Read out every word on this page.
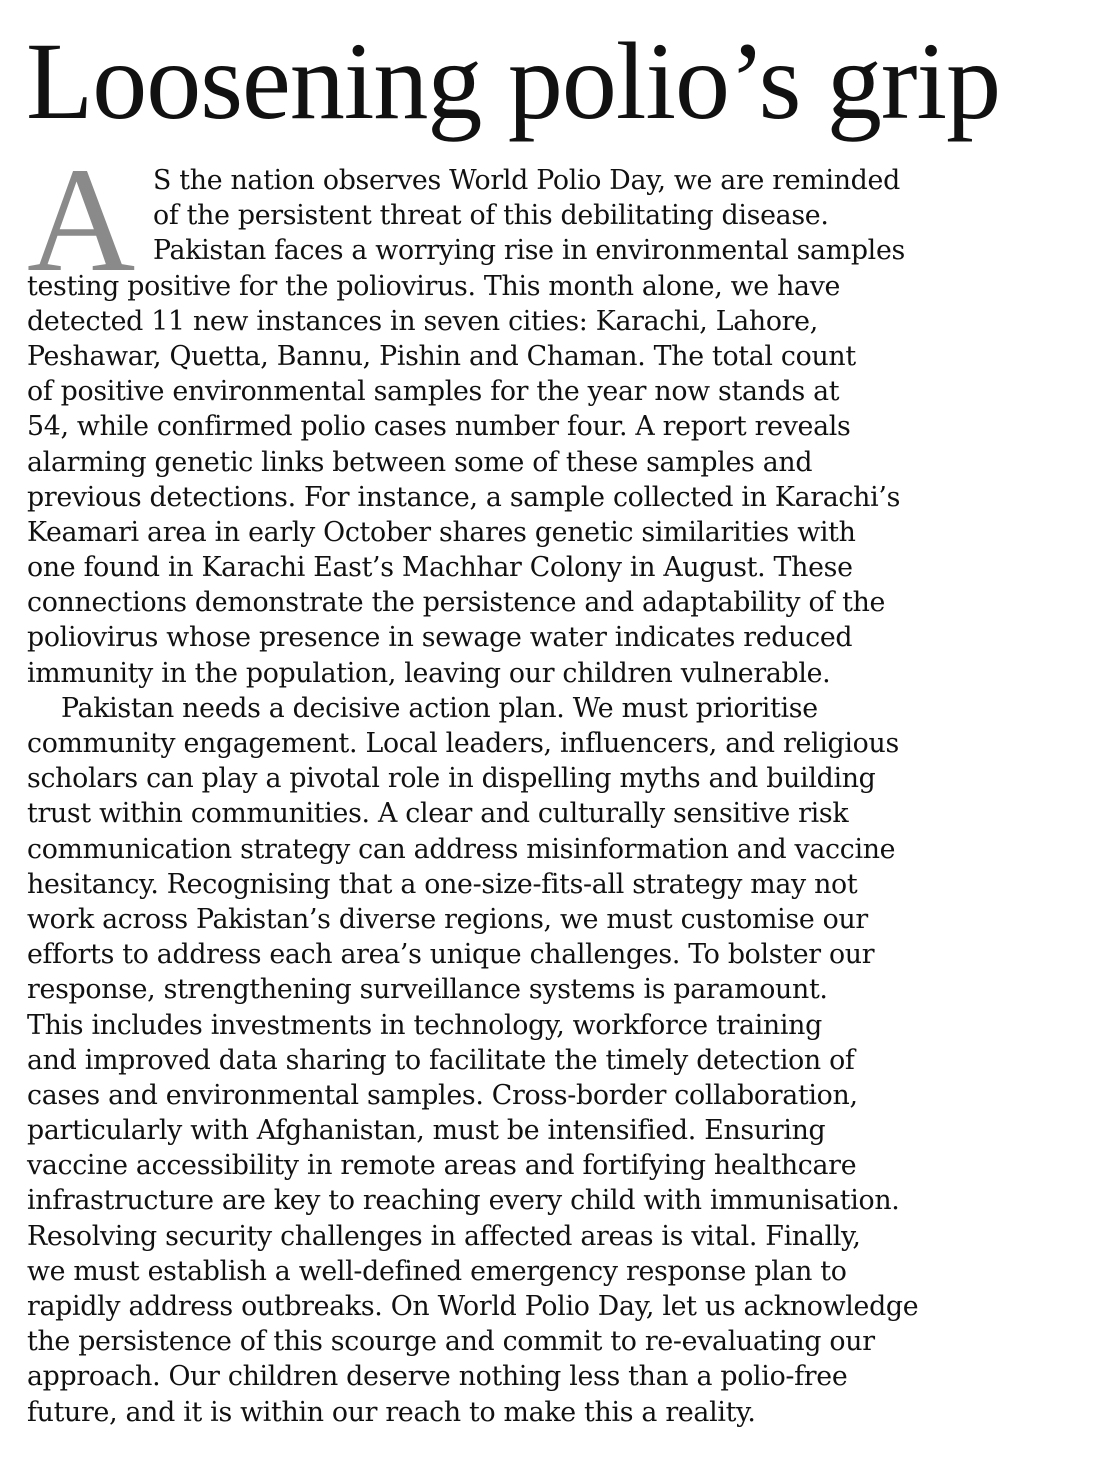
Loosening polio’s grip
A S the nation observes World Polio Day, we are reminded
of the persistent threat of this debilitating disease.
Pakistan faces a worrying rise in environmental samples
testing positive for the poliovirus. This month alone, we have
detected 11 new instances in seven cities: Karachi, Lahore,
Peshawar, Quetta, Bannu, Pishin and Chaman. The total count
of positive environmental samples for the year now stands at
54, while confirmed polio cases number four. A report reveals
alarming genetic links between some of these samples and
previous detections. For instance, a sample collected in Karachi’s
Keamari area in early October shares genetic similarities with
one found in Karachi East’s Machhar Colony in August. These
connections demonstrate the persistence and adaptability of the
poliovirus whose presence in sewage water indicates reduced
immunity in the population, leaving our children vulnerable.
Pakistan needs a decisive action plan. We must prioritise
community engagement. Local leaders, influencers, and religious
scholars can play a pivotal role in dispelling myths and building
trust within communities. A clear and culturally sensitive risk
communication strategy can address misinformation and vaccine
hesitancy. Recognising that a one-size-fits-all strategy may not
work across Pakistan’s diverse regions, we must customise our
efforts to address each area’s unique challenges. To bolster our
response, strengthening surveillance systems is paramount.
This includes investments in technology, workforce training
and improved data sharing to facilitate the timely detection of
cases and environmental samples. Cross-border collaboration,
particularly with Afghanistan, must be intensified. Ensuring
vaccine accessibility in remote areas and fortifying healthcare
infrastructure are key to reaching every child with immunisation.
Resolving security challenges in affected areas is vital. Finally,
we must establish a well-defined emergency response plan to
rapidly address outbreaks. On World Polio Day, let us acknowledge
the persistence of this scourge and commit to re-evaluating our
approach. Our children deserve nothing less than a polio-free
future, and it is within our reach to make this a reality.
